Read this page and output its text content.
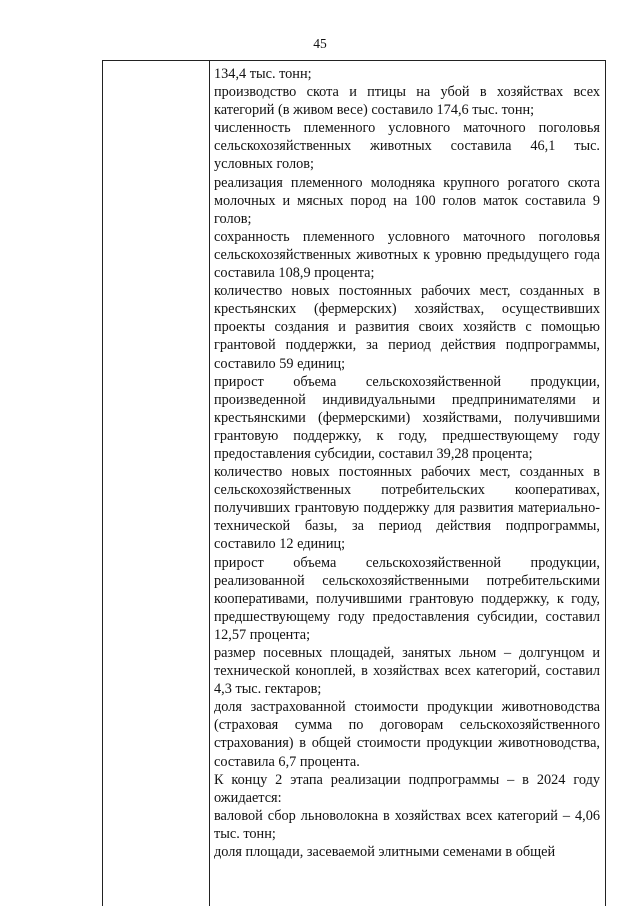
45
134,4 тыс. тонн;
производство скота и птицы на убой в хозяйствах всех категорий (в живом весе) составило 174,6 тыс. тонн;
численность племенного условного маточного поголовья сельскохозяйственных животных составила 46,1 тыс. условных голов;
реализация племенного молодняка крупного рогатого скота молочных и мясных пород на 100 голов маток составила 9 голов;
сохранность племенного условного маточного поголовья сельскохозяйственных животных к уровню предыдущего года составила 108,9 процента;
количество новых постоянных рабочих мест, созданных в крестьянских (фермерских) хозяйствах, осуществивших проекты создания и развития своих хозяйств с помощью грантовой поддержки, за период действия подпрограммы, составило 59 единиц;
прирост объема сельскохозяйственной продукции, произведенной индивидуальными предпринимателями и крестьянскими (фермерскими) хозяйствами, получившими грантовую поддержку, к году, предшествующему году предоставления субсидии, составил 39,28 процента;
количество новых постоянных рабочих мест, созданных в сельскохозяйственных потребительских кооперативах, получивших грантовую поддержку для развития материально-технической базы, за период действия подпрограммы, составило 12 единиц;
прирост объема сельскохозяйственной продукции, реализованной сельскохозяйственными потребительскими кооперативами, получившими грантовую поддержку, к году, предшествующему году предоставления субсидии, составил 12,57 процента;
размер посевных площадей, занятых льном – долгунцом и технической коноплей, в хозяйствах всех категорий, составил 4,3 тыс. гектаров;
доля застрахованной стоимости продукции животноводства (страховая сумма по договорам сельскохозяйственного страхования) в общей стоимости продукции животноводства, составила 6,7 процента.
К концу 2 этапа реализации подпрограммы – в 2024 году ожидается:
валовой сбор льноволокна в хозяйствах всех категорий – 4,06 тыс. тонн;
доля площади, засеваемой элитными семенами в общей
